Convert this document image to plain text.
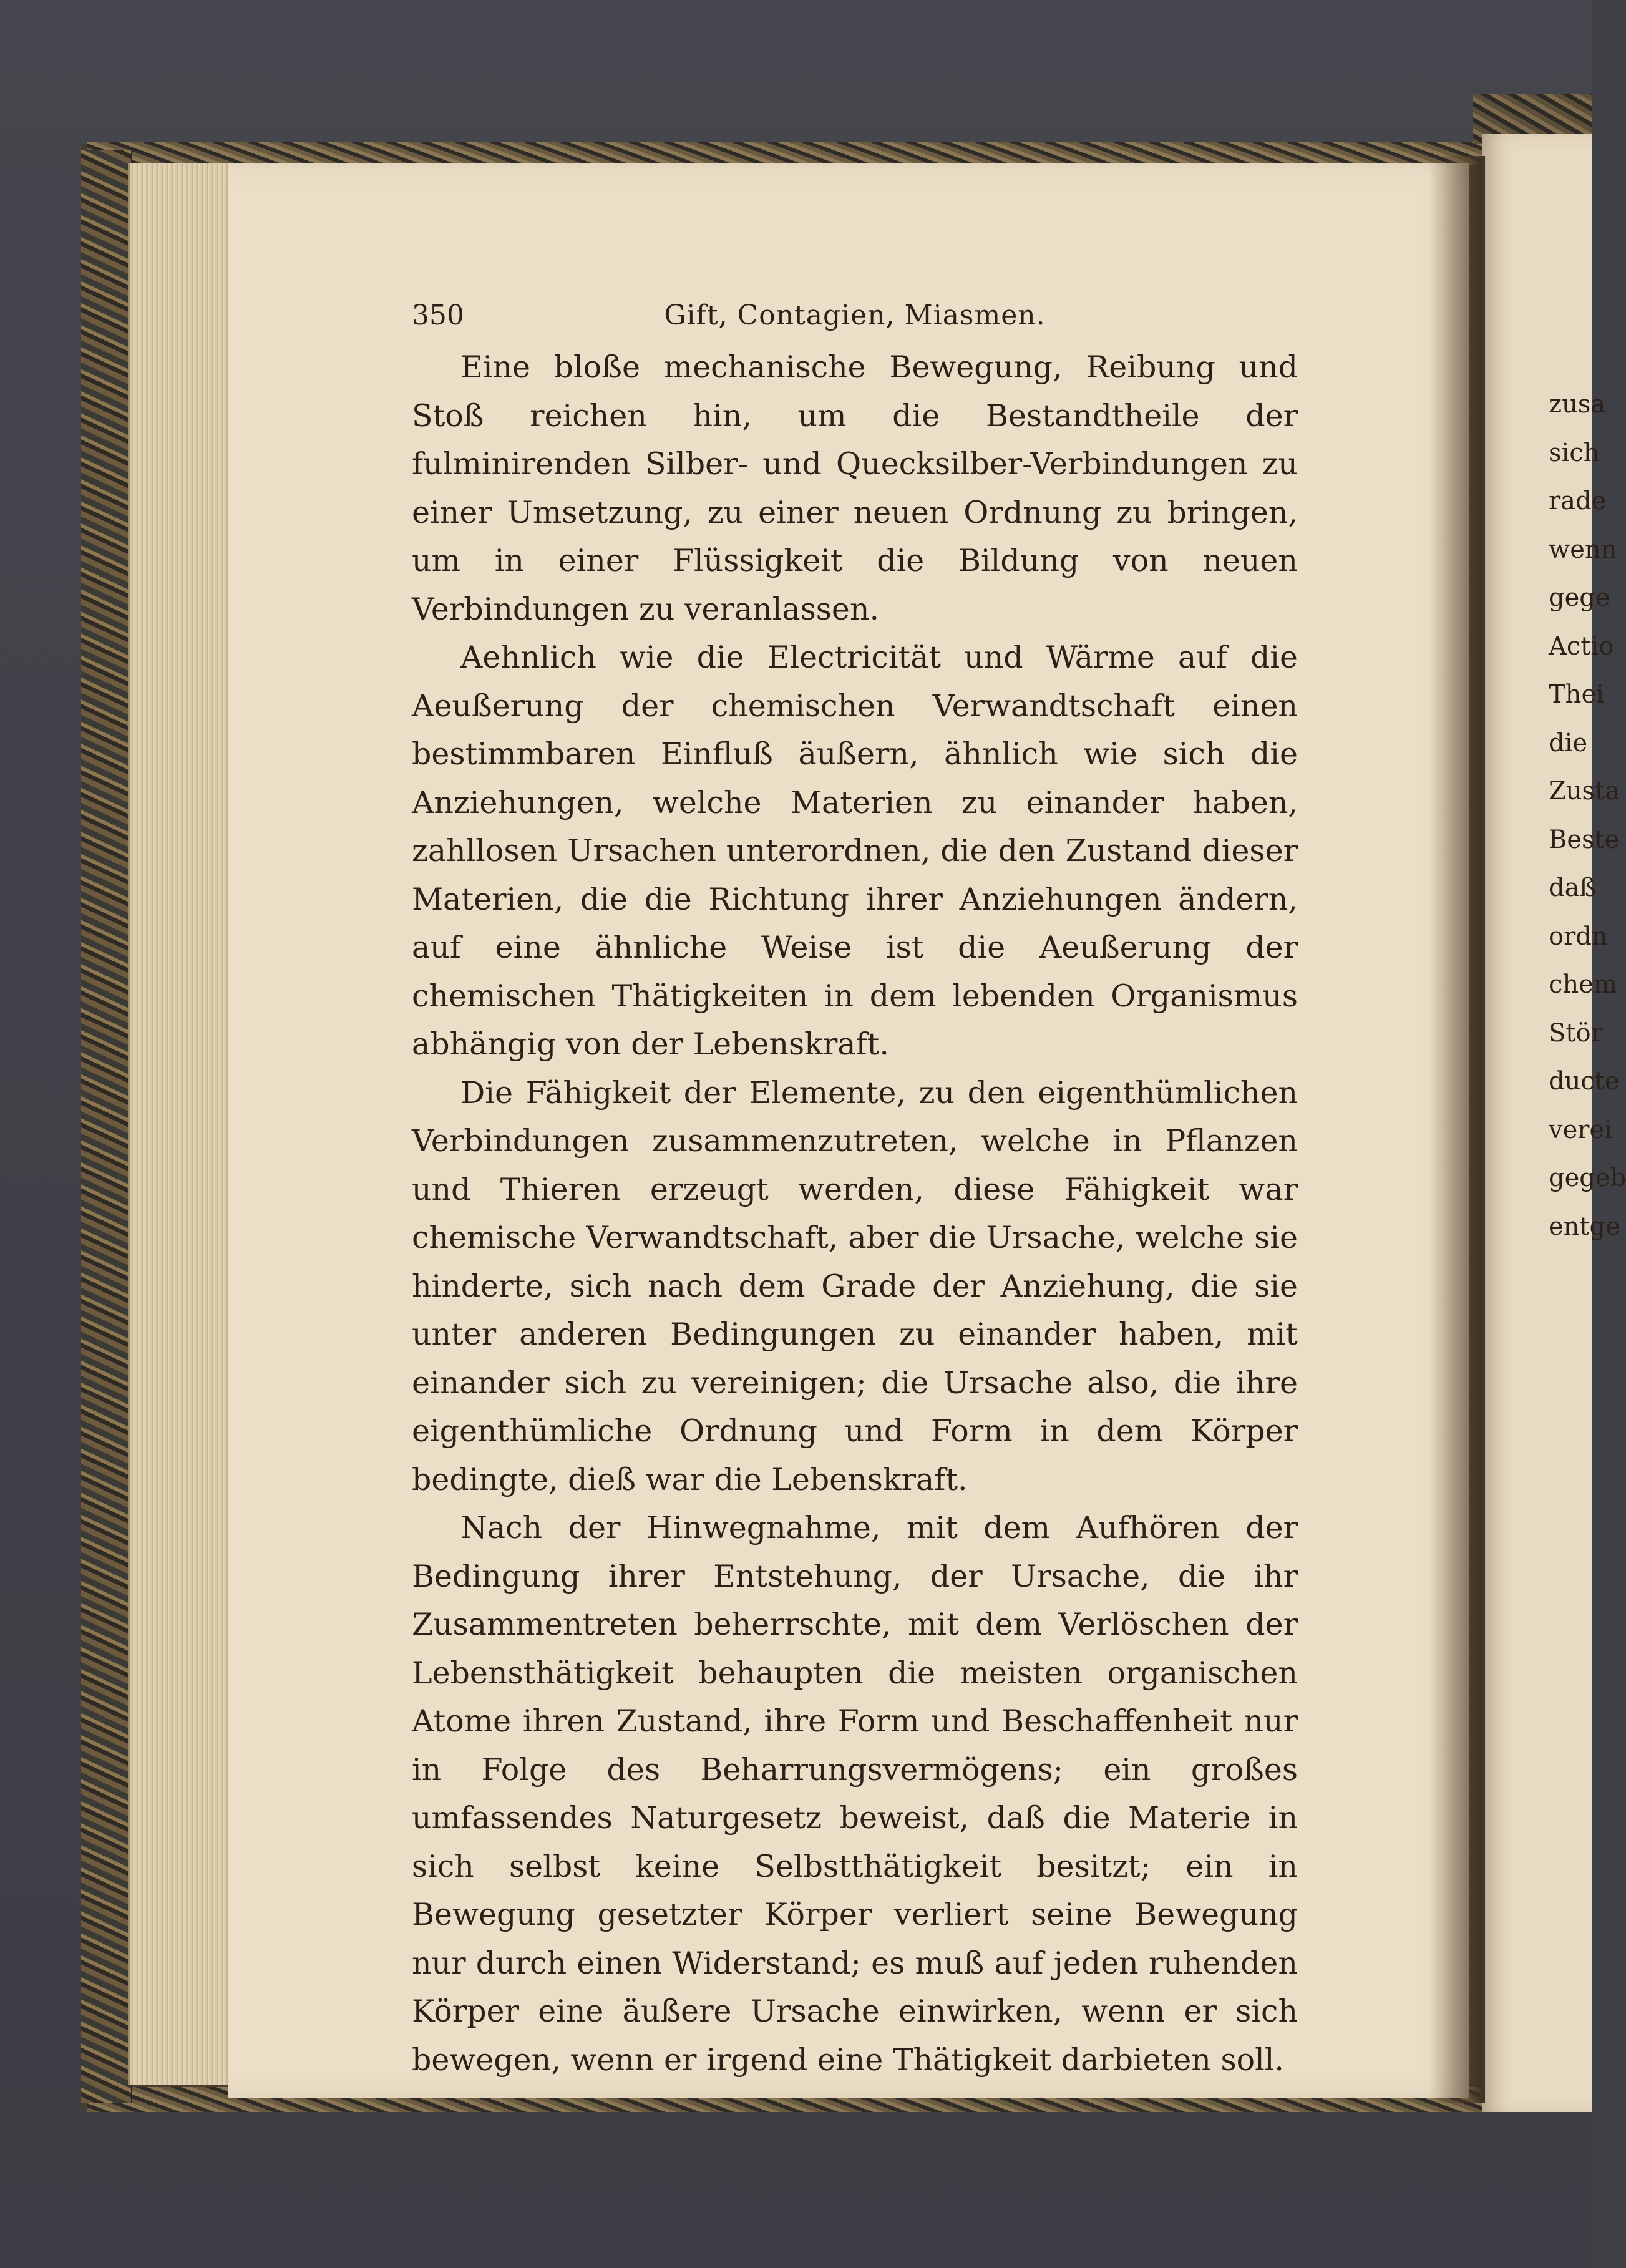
350	Gift, Contagien, Miasmen.

Eine bloße mechanische Bewegung, Reibung und Stoß reichen hin, um die Bestandtheile der fulminirenden Silber- und Quecksilber-Verbindungen zu einer Umsetzung, zu einer neuen Ordnung zu bringen, um in einer Flüssigkeit die Bildung von neuen Verbindungen zu veranlassen.

Aehnlich wie die Electricität und Wärme auf die Aeußerung der chemischen Verwandtschaft einen bestimmbaren Einfluß äußern, ähnlich wie sich die Anziehungen, welche Materien zu einander haben, zahllosen Ursachen unterordnen, die den Zustand dieser Materien, die die Richtung ihrer Anziehungen ändern, auf eine ähnliche Weise ist die Aeußerung der chemischen Thätigkeiten in dem lebenden Organismus abhängig von der Lebenskraft.

Die Fähigkeit der Elemente, zu den eigenthümlichen Verbindungen zusammenzutreten, welche in Pflanzen und Thieren erzeugt werden, diese Fähigkeit war chemische Verwandtschaft, aber die Ursache, welche sie hinderte, sich nach dem Grade der Anziehung, die sie unter anderen Bedingungen zu einander haben, mit einander sich zu vereinigen; die Ursache also, die ihre eigenthümliche Ordnung und Form in dem Körper bedingte, dieß war die Lebenskraft.

Nach der Hinwegnahme, mit dem Aufhören der Bedingung ihrer Entstehung, der Ursache, die ihr Zusammentreten beherrschte, mit dem Verlöschen der Lebensthätigkeit behaupten die meisten organischen Atome ihren Zustand, ihre Form und Beschaffenheit nur in Folge des Beharrungsvermögens; ein großes umfassendes Naturgesetz beweist, daß die Materie in sich selbst keine Selbstthätigkeit besitzt; ein in Bewegung gesetzter Körper verliert seine Bewegung nur durch einen Widerstand; es muß auf jeden ruhenden Körper eine äußere Ursache einwirken, wenn er sich bewegen, wenn er irgend eine Thätigkeit darbieten soll.

zusa
sich
rade
wenn
gege
Actio
Thei
die
Zusta
Beste
daß
ordn
chem
Stör
ducte
verei
gegeb
entge
